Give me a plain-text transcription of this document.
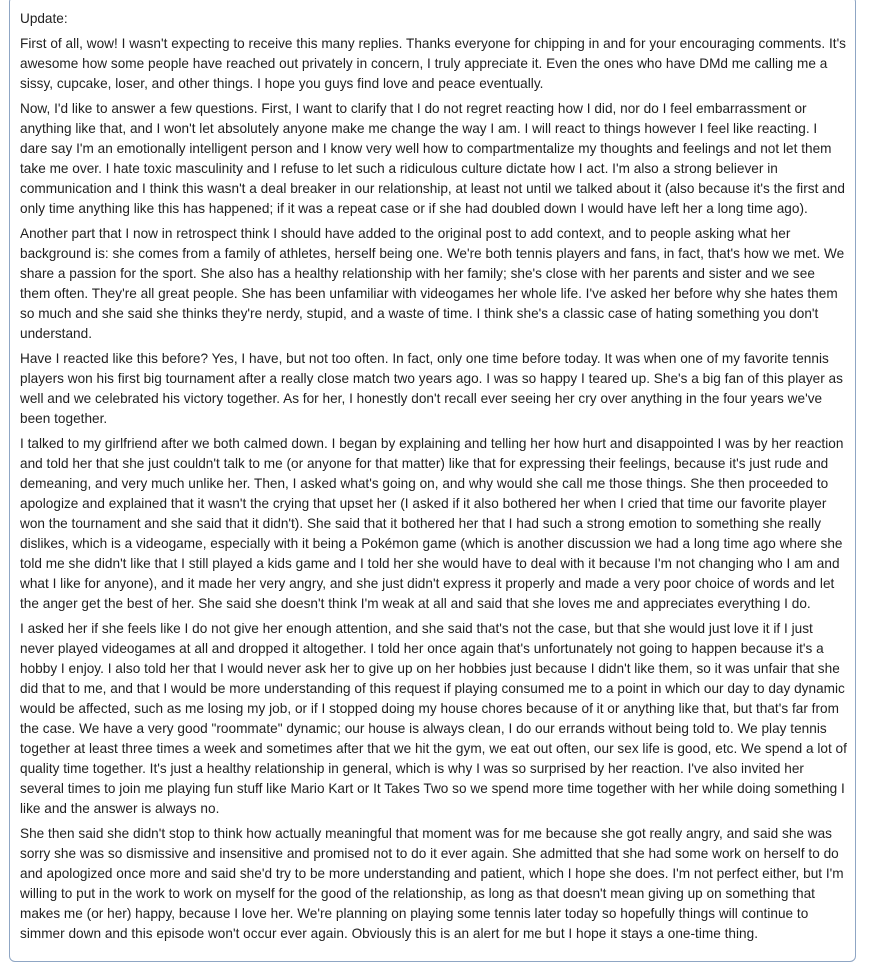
Update:

First of all, wow! I wasn't expecting to receive this many replies. Thanks everyone for chipping in and for your encouraging comments. It's awesome how some people have reached out privately in concern, I truly appreciate it. Even the ones who have DMd me calling me a sissy, cupcake, loser, and other things. I hope you guys find love and peace eventually.

Now, I'd like to answer a few questions. First, I want to clarify that I do not regret reacting how I did, nor do I feel embarrassment or anything like that, and I won't let absolutely anyone make me change the way I am. I will react to things however I feel like reacting. I dare say I'm an emotionally intelligent person and I know very well how to compartmentalize my thoughts and feelings and not let them take me over. I hate toxic masculinity and I refuse to let such a ridiculous culture dictate how I act. I'm also a strong believer in communication and I think this wasn't a deal breaker in our relationship, at least not until we talked about it (also because it's the first and only time anything like this has happened; if it was a repeat case or if she had doubled down I would have left her a long time ago).

Another part that I now in retrospect think I should have added to the original post to add context, and to people asking what her background is: she comes from a family of athletes, herself being one. We're both tennis players and fans, in fact, that's how we met. We share a passion for the sport. She also has a healthy relationship with her family; she's close with her parents and sister and we see them often. They're all great people. She has been unfamiliar with videogames her whole life. I've asked her before why she hates them so much and she said she thinks they're nerdy, stupid, and a waste of time. I think she's a classic case of hating something you don't understand.

Have I reacted like this before? Yes, I have, but not too often. In fact, only one time before today. It was when one of my favorite tennis players won his first big tournament after a really close match two years ago. I was so happy I teared up. She's a big fan of this player as well and we celebrated his victory together. As for her, I honestly don't recall ever seeing her cry over anything in the four years we've been together.

I talked to my girlfriend after we both calmed down. I began by explaining and telling her how hurt and disappointed I was by her reaction and told her that she just couldn't talk to me (or anyone for that matter) like that for expressing their feelings, because it's just rude and demeaning, and very much unlike her. Then, I asked what's going on, and why would she call me those things. She then proceeded to apologize and explained that it wasn't the crying that upset her (I asked if it also bothered her when I cried that time our favorite player won the tournament and she said that it didn't). She said that it bothered her that I had such a strong emotion to something she really dislikes, which is a videogame, especially with it being a Pokémon game (which is another discussion we had a long time ago where she told me she didn't like that I still played a kids game and I told her she would have to deal with it because I'm not changing who I am and what I like for anyone), and it made her very angry, and she just didn't express it properly and made a very poor choice of words and let the anger get the best of her. She said she doesn't think I'm weak at all and said that she loves me and appreciates everything I do.

I asked her if she feels like I do not give her enough attention, and she said that's not the case, but that she would just love it if I just never played videogames at all and dropped it altogether. I told her once again that's unfortunately not going to happen because it's a hobby I enjoy. I also told her that I would never ask her to give up on her hobbies just because I didn't like them, so it was unfair that she did that to me, and that I would be more understanding of this request if playing consumed me to a point in which our day to day dynamic would be affected, such as me losing my job, or if I stopped doing my house chores because of it or anything like that, but that's far from the case. We have a very good "roommate" dynamic; our house is always clean, I do our errands without being told to. We play tennis together at least three times a week and sometimes after that we hit the gym, we eat out often, our sex life is good, etc. We spend a lot of quality time together. It's just a healthy relationship in general, which is why I was so surprised by her reaction. I've also invited her several times to join me playing fun stuff like Mario Kart or It Takes Two so we spend more time together with her while doing something I like and the answer is always no.

She then said she didn't stop to think how actually meaningful that moment was for me because she got really angry, and said she was sorry she was so dismissive and insensitive and promised not to do it ever again. She admitted that she had some work on herself to do and apologized once more and said she'd try to be more understanding and patient, which I hope she does. I'm not perfect either, but I'm willing to put in the work to work on myself for the good of the relationship, as long as that doesn't mean giving up on something that makes me (or her) happy, because I love her. We're planning on playing some tennis later today so hopefully things will continue to simmer down and this episode won't occur ever again. Obviously this is an alert for me but I hope it stays a one-time thing.
